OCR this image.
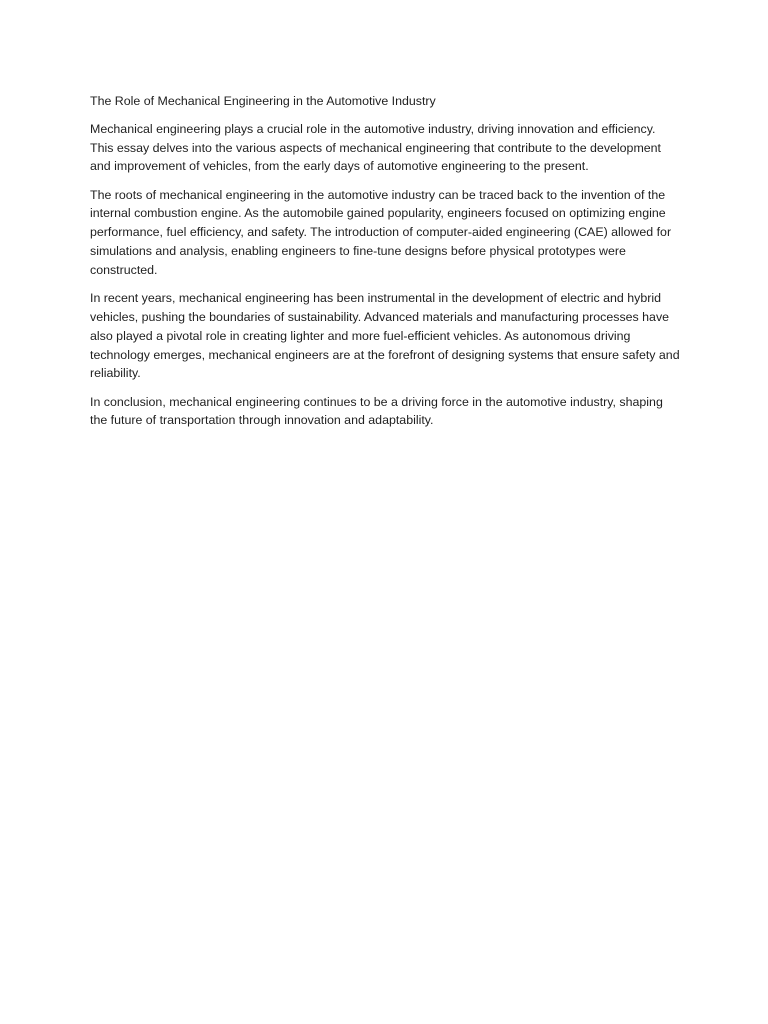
The Role of Mechanical Engineering in the Automotive Industry

Mechanical engineering plays a crucial role in the automotive industry, driving innovation and efficiency. This essay delves into the various aspects of mechanical engineering that contribute to the development and improvement of vehicles, from the early days of automotive engineering to the present.

The roots of mechanical engineering in the automotive industry can be traced back to the invention of the internal combustion engine. As the automobile gained popularity, engineers focused on optimizing engine performance, fuel efficiency, and safety. The introduction of computer-aided engineering (CAE) allowed for simulations and analysis, enabling engineers to fine-tune designs before physical prototypes were constructed.

In recent years, mechanical engineering has been instrumental in the development of electric and hybrid vehicles, pushing the boundaries of sustainability. Advanced materials and manufacturing processes have also played a pivotal role in creating lighter and more fuel-efficient vehicles. As autonomous driving technology emerges, mechanical engineers are at the forefront of designing systems that ensure safety and reliability.

In conclusion, mechanical engineering continues to be a driving force in the automotive industry, shaping the future of transportation through innovation and adaptability.
